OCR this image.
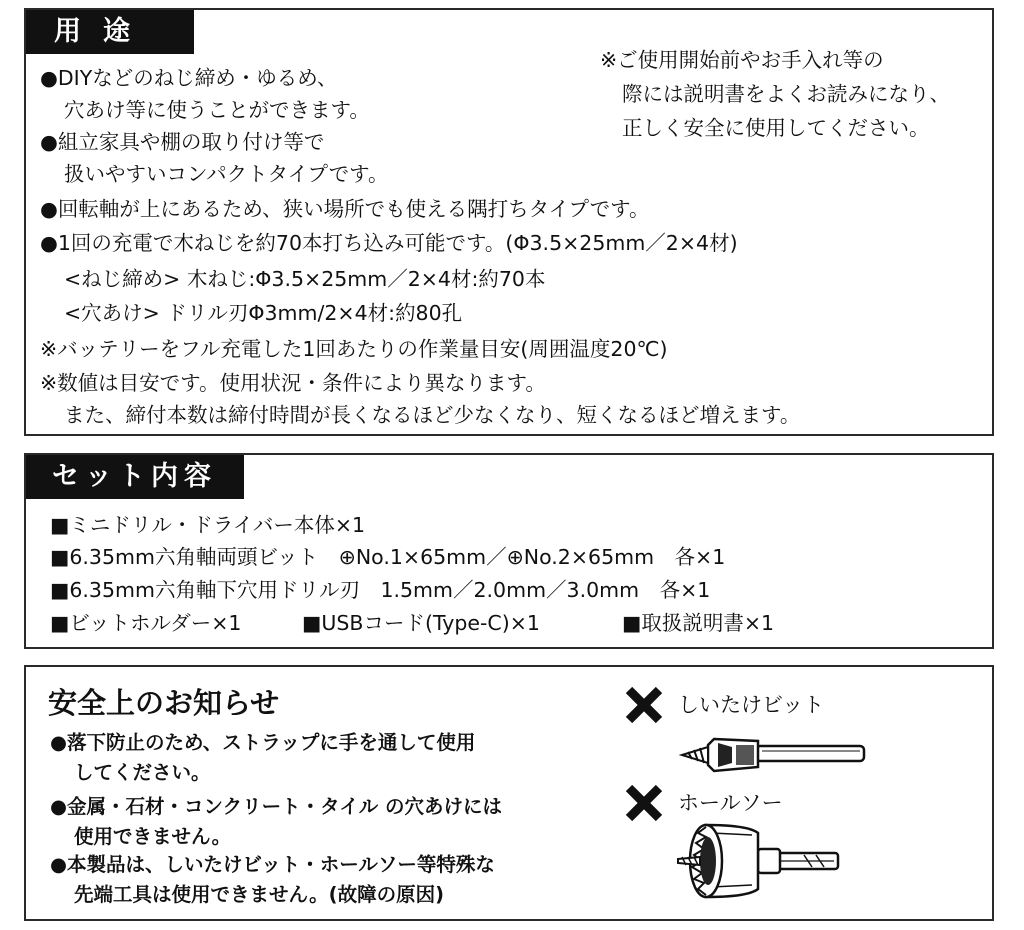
用途
●DIYなどのねじ締め・ゆるめ、
穴あけ等に使うことができます。
●組立家具や棚の取り付け等で
扱いやすいコンパクトタイプです。
●回転軸が上にあるため、狭い場所でも使える隅打ちタイプです。
●1回の充電で木ねじを約70本打ち込み可能です。(Φ3.5×25mm／2×4材)
<ねじ締め> 木ねじ:Φ3.5×25mm／2×4材:約70本
<穴あけ> ドリル刃Φ3mm/2×4材:約80孔
※バッテリーをフル充電した1回あたりの作業量目安(周囲温度20℃)
※数値は目安です。使用状況・条件により異なります。
また、締付本数は締付時間が長くなるほど少なくなり、短くなるほど増えます。
※ご使用開始前やお手入れ等の
際には説明書をよくお読みになり、
正しく安全に使用してください。
セット内容
■ ミニドリル・ドライバー本体×1
■ 6.35mm六角軸両頭ビット　⊕No.1×65mm／⊕No.2×65mm　各×1
■ 6.35mm六角軸下穴用ドリル刃　1.5mm／2.0mm／3.0mm　各×1
■ ビットホルダー×1 ■	USBコード(Type-C)×1 ■	取扱説明書×1
安全上のお知らせ
●落下防止のため、ストラップに手を通して使用
してください。
●金属・石材・コンクリート・タイル の穴あけには
使用できません。
●本製品は、しいたけビット・ホールソー等特殊な
先端工具は使用できません。(故障の原因)
しいたけビット
ホールソー
